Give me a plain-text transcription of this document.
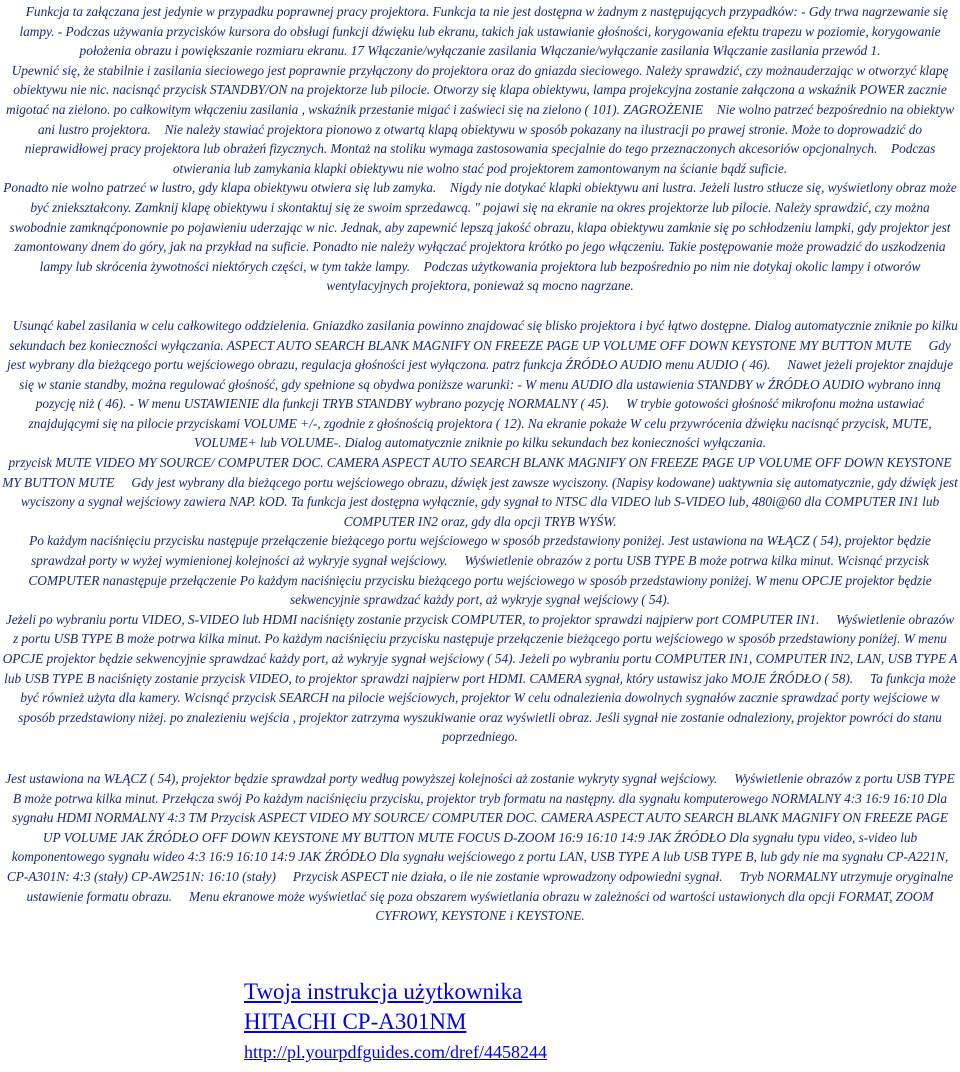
Funkcja ta załączana jest jedynie w przypadku poprawnej pracy projektora. Funkcja ta nie jest dostępna w żadnym z następujących przypadków: - Gdy trwa nagrzewanie się lampy. - Podczas używania przycisków kursora do obsługi funkcji dźwięku lub ekranu, takich jak ustawianie głośności, korygowania efektu trapezu w poziomie, korygowanie położenia obrazu i powiększanie rozmiaru ekranu. 17 Włączanie/wyłączanie zasilania Włączanie/wyłączanie zasilania Włączanie zasilania przewód 1.

Upewnić się, że stabilnie i zasilania sieciowego jest poprawnie przyłączony do projektora oraz do gniazda sieciowego. Należy sprawdzić, czy możnauderzając w otworzyć klapę obiektywu nie nic. nacisnąć przycisk STANDBY/ON na projektorze lub pilocie. Otworzy się klapa obiektywu, lampa projekcyjna zostanie załączona a wskaźnik POWER zacznie migotać na zielono. po całkowitym włączeniu zasilania , wskaźnik przestanie migać i zaświeci się na zielono ( 101). ZAGROŻENIE Nie wolno patrzeć bezpośrednio na obiektyw ani lustro projektora. Nie należy stawiać projektora pionowo z otwartą klapą obiektywu w sposób pokazany na ilustracji po prawej stronie. Może to doprowadzić do nieprawidłowej pracy projektora lub obrażeń fizycznych. Montaż na stoliku wymaga zastosowania specjalnie do tego przeznaczonych akcesoriów opcjonalnych. Podczas otwierania lub zamykania klapki obiektywu nie wolno stać pod projektorem zamontowanym na ścianie bądź suficie.

Ponadto nie wolno patrzeć w lustro, gdy klapa obiektywu otwiera się lub zamyka. Nigdy nie dotykać klapki obiektywu ani lustra. Jeżeli lustro stłucze się, wyświetlony obraz może być zniekształcony. Zamknij klapę obiektywu i skontaktuj się ze swoim sprzedawcą. " pojawi się na ekranie na okres projektorze lub pilocie. Należy sprawdzić, czy można swobodnie zamknąćponownie po pojawieniu uderzając w nic. Jednak, aby zapewnić lepszą jakość obrazu, klapa obiektywu zamknie się po schłodzeniu lampki, gdy projektor jest zamontowany dnem do góry, jak na przykład na suficie. Ponadto nie należy wyłączać projektora krótko po jego włączeniu. Takie postępowanie może prowadzić do uszkodzenia lampy lub skrócenia żywotności niektórych części, w tym także lampy. Podczas użytkowania projektora lub bezpośrednio po nim nie dotykaj okolic lampy i otworów wentylacyjnych projektora, ponieważ są mocno nagrzane.

Usunąć kabel zasilania w celu całkowitego oddzielenia. Gniazdko zasilania powinno znajdować się blisko projektora i być łątwo dostępne. Dialog automatycznie zniknie po kilku sekundach bez konieczności wyłączania. ASPECT AUTO SEARCH BLANK MAGNIFY ON FREEZE PAGE UP VOLUME OFF DOWN KEYSTONE MY BUTTON MUTE Gdy jest wybrany dla bieżącego portu wejściowego obrazu, regulacja głośności jest wyłączona. patrz funkcja ŹRÓDŁO AUDIO menu AUDIO ( 46). Nawet jeżeli projektor znajduje się w stanie standby, można regulować głośność, gdy spełnione są obydwa poniższe warunki: - W menu AUDIO dla ustawienia STANDBY w ŹRÓDŁO AUDIO wybrano inną pozycję niż ( 46). - W menu USTAWIENIE dla funkcji TRYB STANDBY wybrano pozycję NORMALNY ( 45). W trybie gotowości głośność mikrofonu można ustawiać znajdującymi się na pilocie przyciskami VOLUME +/-, zgodnie z głośnością projektora ( 12). Na ekranie pokaże W celu przywrócenia dźwięku nacisnąć przycisk, MUTE, VOLUME+ lub VOLUME-. Dialog automatycznie zniknie po kilku sekundach bez konieczności wyłączania.

przycisk MUTE VIDEO MY SOURCE/ COMPUTER DOC. CAMERA ASPECT AUTO SEARCH BLANK MAGNIFY ON FREEZE PAGE UP VOLUME OFF DOWN KEYSTONE MY BUTTON MUTE Gdy jest wybrany dla bieżącego portu wejściowego obrazu, dźwięk jest zawsze wyciszony. (Napisy kodowane) uaktywnia się automatycznie, gdy dźwięk jest wyciszony a sygnał wejściowy zawiera NAP. kOD. Ta funkcja jest dostępna wyłącznie, gdy sygnał to NTSC dla VIDEO lub S-VIDEO lub, 480i@60 dla COMPUTER IN1 lub COMPUTER IN2 oraz, gdy dla opcji TRYB WYŚW.

Po każdym naciśnięciu przycisku następuje przełączenie bieżącego portu wejściowego w sposób przedstawiony poniżej. Jest ustawiona na WŁĄCZ ( 54), projektor będzie sprawdzał porty w wyżej wymienionej kolejności aż wykryje sygnał wejściowy. Wyświetlenie obrazów z portu USB TYPE B może potrwa kilka minut. Wcisnąć przycisk COMPUTER nanastępuje przełączenie Po każdym naciśnięciu przycisku bieżącego portu wejściowego w sposób przedstawiony poniżej. W menu OPCJE projektor będzie sekwencyjnie sprawdzać każdy port, aż wykryje sygnał wejściowy ( 54).

Jeżeli po wybraniu portu VIDEO, S-VIDEO lub HDMI naciśnięty zostanie przycisk COMPUTER, to projektor sprawdzi najpierw port COMPUTER IN1. Wyświetlenie obrazów z portu USB TYPE B może potrwa kilka minut. Po każdym naciśnięciu przycisku następuje przełączenie bieżącego portu wejściowego w sposób przedstawiony poniżej. W menu OPCJE projektor będzie sekwencyjnie sprawdzać każdy port, aż wykryje sygnał wejściowy ( 54). Jeżeli po wybraniu portu COMPUTER IN1, COMPUTER IN2, LAN, USB TYPE A lub USB TYPE B naciśnięty zostanie przycisk VIDEO, to projektor sprawdzi najpierw port HDMI. CAMERA sygnał, który ustawisz jako MOJE ŹRÓDŁO ( 58). Ta funkcja może być również użyta dla kamery. Wcisnąć przycisk SEARCH na pilocie wejściowych, projektor W celu odnalezienia dowolnych sygnałów zacznie sprawdzać porty wejściowe w sposób przedstawiony niżej. po znalezieniu wejścia , projektor zatrzyma wyszukiwanie oraz wyświetli obraz. Jeśli sygnał nie zostanie odnaleziony, projektor powróci do stanu poprzedniego.

Jest ustawiona na WŁĄCZ ( 54), projektor będzie sprawdzał porty według powyższej kolejności aż zostanie wykryty sygnał wejściowy. Wyświetlenie obrazów z portu USB TYPE B może potrwa kilka minut. Przełącza swój Po każdym naciśnięciu przycisku, projektor tryb formatu na następny. dla sygnału komputerowego NORMALNY 4:3 16:9 16:10 Dla sygnału HDMI NORMALNY 4:3 TM Przycisk ASPECT VIDEO MY SOURCE/ COMPUTER DOC. CAMERA ASPECT AUTO SEARCH BLANK MAGNIFY ON FREEZE PAGE UP VOLUME JAK ŹRÓDŁO OFF DOWN KEYSTONE MY BUTTON MUTE FOCUS D-ZOOM 16:9 16:10 14:9 JAK ŹRÓDŁO Dla sygnału typu video, s-video lub komponentowego sygnału wideo 4:3 16:9 16:10 14:9 JAK ŹRÓDŁO Dla sygnału wejściowego z portu LAN, USB TYPE A lub USB TYPE B, lub gdy nie ma sygnału CP-A221N, CP-A301N: 4:3 (stały) CP-AW251N: 16:10 (stały) Przycisk ASPECT nie działa, o ile nie zostanie wprowadzony odpowiedni sygnał. Tryb NORMALNY utrzymuje oryginalne ustawienie formatu obrazu. Menu ekranowe może wyświetlać się poza obszarem wyświetlania obrazu w zależności od wartości ustawionych dla opcji FORMAT, ZOOM CYFROWY, KEYSTONE i KEYSTONE.

Twoja instrukcja użytkownika
HITACHI CP-A301NM
http://pl.yourpdfguides.com/dref/4458244
